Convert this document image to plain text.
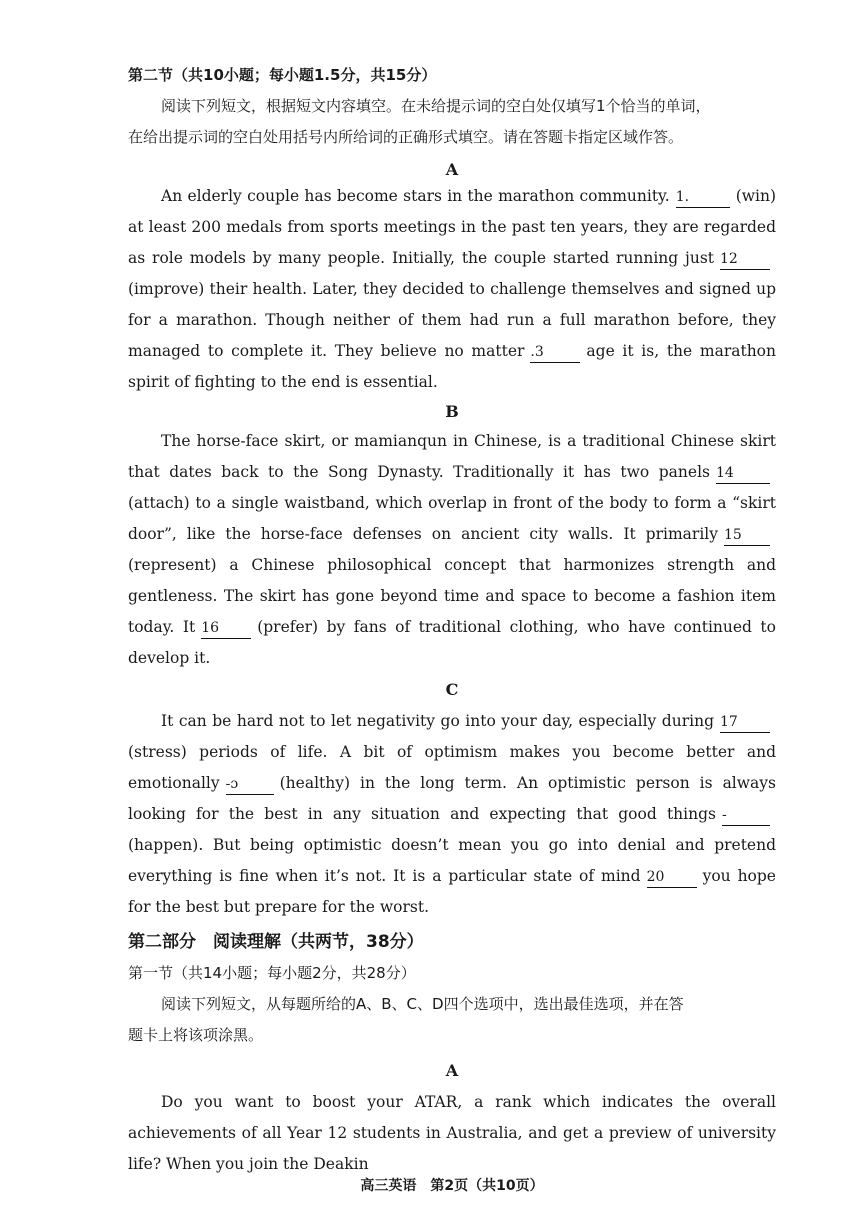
第二节（共10小题；每小题1.5分，共15分）
阅读下列短文，根据短文内容填空。在未给提示词的空白处仅填写1个恰当的单词，
在给出提示词的空白处用括号内所给词的正确形式填空。请在答题卡指定区域作答。
A
An elderly couple has become stars in the marathon community. 1.	(win) at least 200 medals from sports meetings in the past ten years, they are regarded as role models by many people. Initially, the couple started running just 12(improve) their health. Later, they decided to challenge themselves and signed up for a marathon. Though neither of them had run a full marathon before, they managed to complete it. They believe no matter .3	age it is, the marathon spirit of fighting to the end is essential.
B
The horse-face skirt, or mamianqun in Chinese, is a traditional Chinese skirt that dates back to the Song Dynasty. Traditionally it has two panels 14(attach) to a single waistband, which overlap in front of the body to form a “skirt door”, like the horse-face defenses on ancient city walls. It primarily 15(represent) a Chinese philosophical concept that harmonizes strength and gentleness. The skirt has gone beyond time and space to become a fashion item today. It 16 (prefer) by fans of traditional clothing, who have continued to develop it.
C
It can be hard not to let negativity go into your day, especially during 17(stress) periods of life. A bit of optimism makes you become better and emotionally -ɔ	(healthy) in the long term. An optimistic person is always looking for the best in any situation and expecting that good things -(happen). But being optimistic doesn’t mean you go into denial and pretend everything is fine when it’s not. It is a particular state of mind 20 you hope for the best but prepare for the worst.
第二部分　阅读理解（共两节，38分）
第一节（共14小题；每小题2分，共28分）
阅读下列短文，从每题所给的A、B、C、D四个选项中，选出最佳选项，并在答
题卡上将该项涂黑。
A
Do you want to boost your ATAR, a rank which indicates the overall achievements of all Year 12 students in Australia, and get a preview of university life? When you join the Deakin
高三英语　第2页（共10页）
